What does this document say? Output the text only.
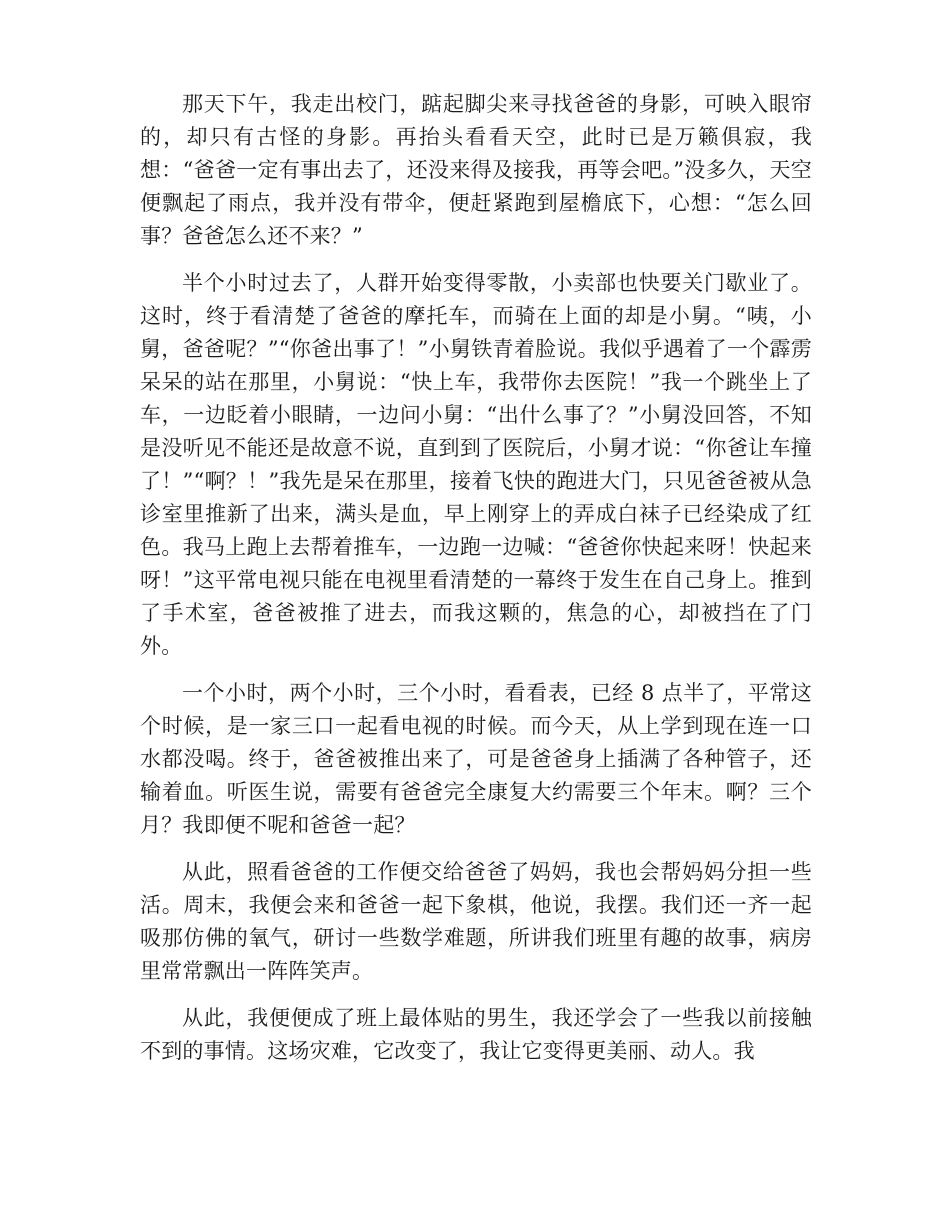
那天下午，我走出校门，踮起脚尖来寻找爸爸的身影，可映入眼帘的，却只有古怪的身影。再抬头看看天空，此时已是万籁俱寂，我想：“爸爸一定有事出去了，还没来得及接我，再等会吧。”没多久，天空便飘起了雨点，我并没有带伞，便赶紧跑到屋檐底下，心想：“怎么回事？爸爸怎么还不来？”

半个小时过去了，人群开始变得零散，小卖部也快要关门歇业了。这时，终于看清楚了爸爸的摩托车，而骑在上面的却是小舅。“咦，小舅，爸爸呢？”“你爸出事了！”小舅铁青着脸说。我似乎遇着了一个霹雳呆呆的站在那里，小舅说：“快上车，我带你去医院！”我一个跳坐上了车，一边眨着小眼睛，一边问小舅：“出什么事了？”小舅没回答，不知是没听见不能还是故意不说，直到到了医院后，小舅才说：“你爸让车撞了！”“啊？！”我先是呆在那里，接着飞快的跑进大门，只见爸爸被从急诊室里推新了出来，满头是血，早上刚穿上的弄成白袜子已经染成了红色。我马上跑上去帮着推车，一边跑一边喊：“爸爸你快起来呀！快起来呀！”这平常电视只能在电视里看清楚的一幕终于发生在自己身上。推到了手术室，爸爸被推了进去，而我这颗的，焦急的心，却被挡在了门外。

一个小时，两个小时，三个小时，看看表，已经 8 点半了，平常这个时候，是一家三口一起看电视的时候。而今天，从上学到现在连一口水都没喝。终于，爸爸被推出来了，可是爸爸身上插满了各种管子，还输着血。听医生说，需要有爸爸完全康复大约需要三个年末。啊？三个月？我即便不呢和爸爸一起？

从此，照看爸爸的工作便交给爸爸了妈妈，我也会帮妈妈分担一些活。周末，我便会来和爸爸一起下象棋，他说，我摆。我们还一齐一起吸那仿佛的氧气，研讨一些数学难题，所讲我们班里有趣的故事，病房里常常飘出一阵阵笑声。

从此，我便便成了班上最体贴的男生，我还学会了一些我以前接触不到的事情。这场灾难，它改变了，我让它变得更美丽、动人。我
